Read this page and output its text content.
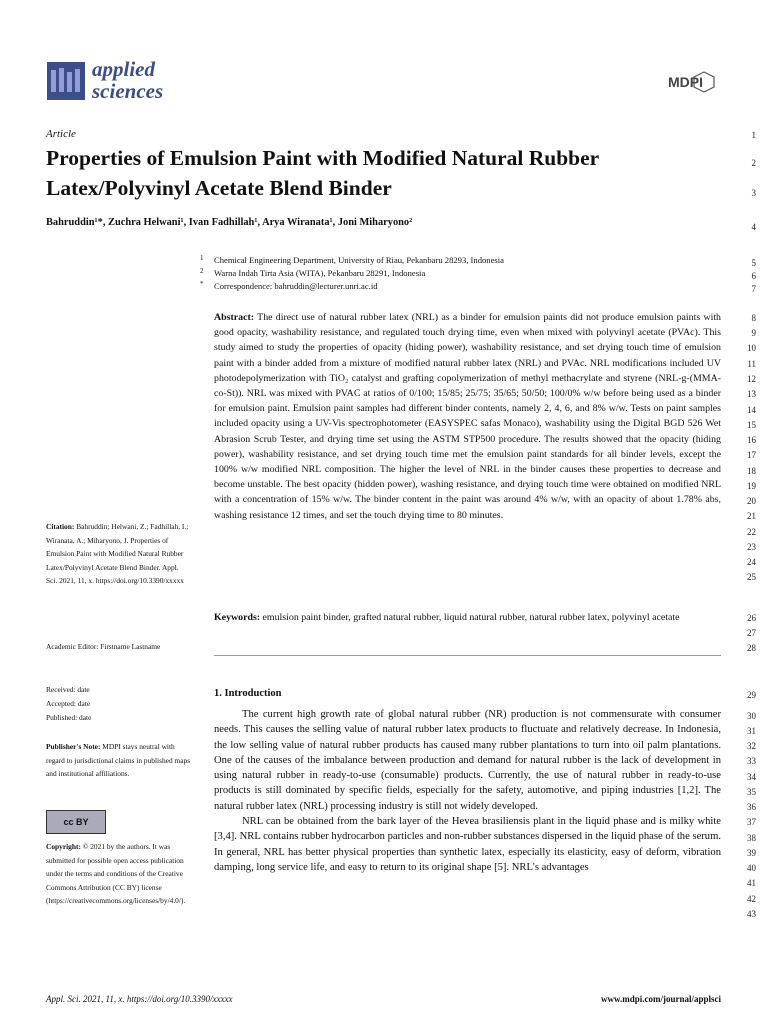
applied
sciences	MDPI
Article
Properties of Emulsion Paint with Modified Natural Rubber Latex/Polyvinyl Acetate Blend Binder
Bahruddin¹*, Zuchra Helwani¹, Ivan Fadhillah¹, Arya Wiranata¹, Joni Miharyono²
1 Chemical Engineering Department, University of Riau, Pekanbaru 28293, Indonesia
2 Warna Indah Tirta Asia (WITA), Pekanbaru 28291, Indonesia
* Correspondence: bahruddin@lecturer.unri.ac.id
Abstract: The direct use of natural rubber latex (NRL) as a binder for emulsion paints did not produce emulsion paints with good opacity, washability resistance, and regulated touch drying time, even when mixed with polyvinyl acetate (PVAc). This study aimed to study the properties of opacity (hiding power), washability resistance, and set drying touch time of emulsion paint with a binder added from a mixture of modified natural rubber latex (NRL) and PVAc. NRL modifications included UV photodepolymerization with TiO₂ catalyst and grafting copolymerization of methyl methacrylate and styrene (NRL-g-(MMA-co-St)). NRL was mixed with PVAC at ratios of 0/100; 15/85; 25/75; 35/65; 50/50; 100/0% w/w before being used as a binder for emulsion paint. Emulsion paint samples had different binder contents, namely 2, 4, 6, and 8% w/w. Tests on paint samples included opacity using a UV-Vis spectrophotometer (EASYSPEC safas Monaco), washability using the Digital BGD 526 Wet Abrasion Scrub Tester, and drying time set using the ASTM STP500 procedure. The results showed that the opacity (hiding power), washability resistance, and set drying touch time met the emulsion paint standards for all binder levels, except the 100% w/w modified NRL composition. The higher the level of NRL in the binder causes these properties to decrease and become unstable. The best opacity (hidden power), washing resistance, and drying touch time were obtained on modified NRL with a concentration of 15% w/w. The binder content in the paint was around 4% w/w, with an opacity of about 1.78% abs, washing resistance 12 times, and set the touch drying time to 80 minutes.
Keywords: emulsion paint binder, grafted natural rubber, liquid natural rubber, natural rubber latex, polyvinyl acetate
Citation: Bahruddin; Helwani, Z.; Fadhillah, I.; Wiranata, A.; Miharyono, J. Properties of Emulsion Paint with Modified Natural Rubber Latex/Polyvinyl Acetate Blend Binder. Appl. Sci. 2021, 11, x. https://doi.org/10.3390/xxxxx
Academic Editor: Firstname Lastname
Received: date
Accepted: date
Published: date
Publisher's Note: MDPI stays neutral with regard to jurisdictional claims in published maps and institutional affiliations.
cc BY
Copyright: © 2021 by the authors. It was submitted for possible open access publication under the terms and conditions of the Creative Commons Attribution (CC BY) license (https://creativecommons.org/licenses/by/4.0/).
1. Introduction

The current high growth rate of global natural rubber (NR) production is not commensurate with consumer needs. This causes the selling value of natural rubber latex products to fluctuate and relatively decrease. In Indonesia, the low selling value of natural rubber products has caused many rubber plantations to turn into oil palm plantations. One of the causes of the imbalance between production and demand for natural rubber is the lack of development in using natural rubber in ready-to-use (consumable) products. Currently, the use of natural rubber in ready-to-use products is still dominated by specific fields, especially for the safety, automotive, and piping industries [1,2]. The natural rubber latex (NRL) processing industry is still not widely developed.

NRL can be obtained from the bark layer of the Hevea brasiliensis plant in the liquid phase and is milky white [3,4]. NRL contains rubber hydrocarbon particles and non-rubber substances dispersed in the liquid phase of the serum. In general, NRL has better physical properties than synthetic latex, especially its elasticity, easy of deform, vibration damping, long service life, and easy to return to its original shape [5]. NRL's advantages

1
2
3
4
5
6
7
8
9
10
11
12
13
14
15
16
17
18
19
20
21
22
23
24
25
26
27
28
29
30
31
32
33
34
35
36
37
38
39
40
41
42
43
Appl. Sci. 2021, 11, x. https://doi.org/10.3390/xxxxx	www.mdpi.com/journal/applsci
